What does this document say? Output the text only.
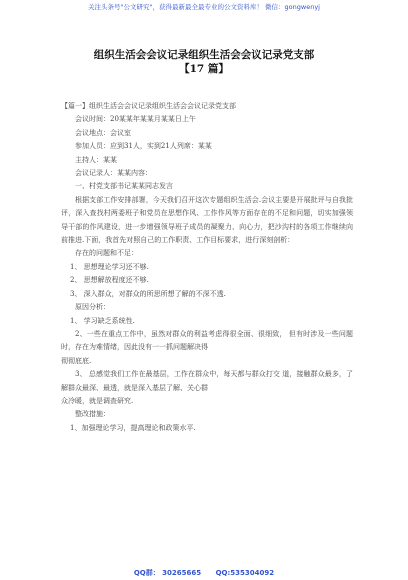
关注头条号"公文研究"，获得最新最全最专业的公文资料库！ 微信：gongwenyj
组织生活会会议记录组织生活会会议记录党支部
【17 篇】
【篇一】组织生活会会议记录组织生活会会议记录党支部
会议时间：20某某年某某月某某日上午
会议地点：会议室
参加人员：应到31人，实到21人列席：某某
主持人：某某
会议记录人：某某内容：
一、村党支部书记某某同志发言
根据支部工作安排部署，今天我们召开这次专题组织生活会.会议主要是开展批评与自我批评，深入查找村两委班子和党员在思想作风、工作作风等方面存在的不足和问题，切实加强领导干部的作风建设，进一步增强领导班子成员的凝聚力、向心力，把沙沟村的各项工作继续向前推进.下面，我首先对照自己的工作职责、工作目标要求，进行深刻剖析：
存在的问题和不足：
1、 思想理论学习还不够.
2、 思想解放程度还不够.
3、 深入群众，对群众的所思所想了解的不深不透.
原因分析：
1、 学习缺乏系统性.
2、一些在重点工作中，虽然对群众的利益考虑得很全面、很细致， 但有时涉及一些问题时，存在为难情绪，因此没有一一抓问题解决得
彻彻底底.
3、 总感觉我们工作在最基层，工作在群众中，每天都与群众打交 道，接触群众最多，了解群众最深、最透，就是深入基层了解、关心群
众冷暖，就是调查研究.
整改措施：
1、加强理论学习，提高理论和政策水平.
QQ群： 30265665 QQ:535304092
